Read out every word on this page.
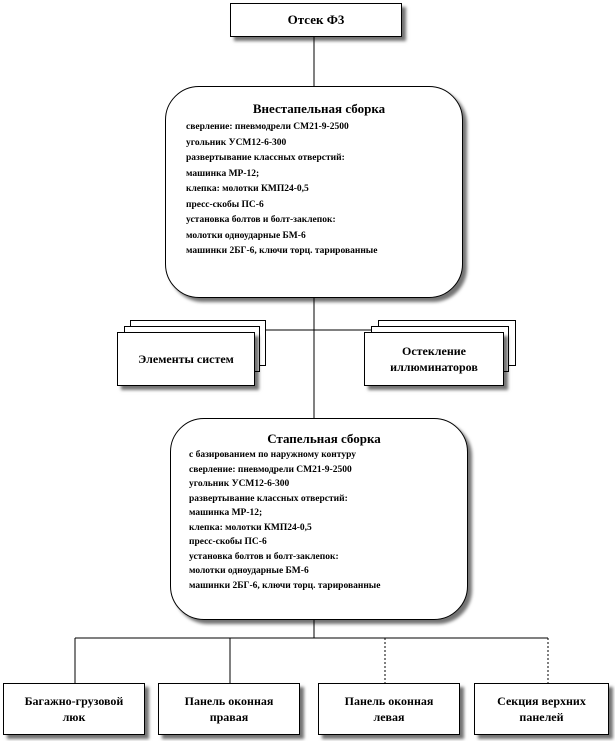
Отсек Ф3
Внестапельная сборка
сверление: пневмодрели СМ21-9-2500
угольник УСМ12-6-300
развертывание классных отверстий:
машинка МР-12;
клепка: молотки КМП24-0,5
пресс-скобы ПС-6
установка болтов и болт-заклепок:
молотки одноударные БМ-6
машинки 2БГ-6, ключи торц. тарированные
Элементы систем
Остекление иллюминаторов
Стапельная сборка
с базированием по наружному контуру
сверление: пневмодрели СМ21-9-2500
угольник УСМ12-6-300
развертывание классных отверстий:
машинка МР-12;
клепка: молотки КМП24-0,5
пресс-скобы ПС-6
установка болтов и болт-заклепок:
молотки одноударные БМ-6
машинки 2БГ-6, ключи торц. тарированные
Багажно-грузовой люк
Панель оконная правая
Панель оконная левая
Секция верхних панелей
